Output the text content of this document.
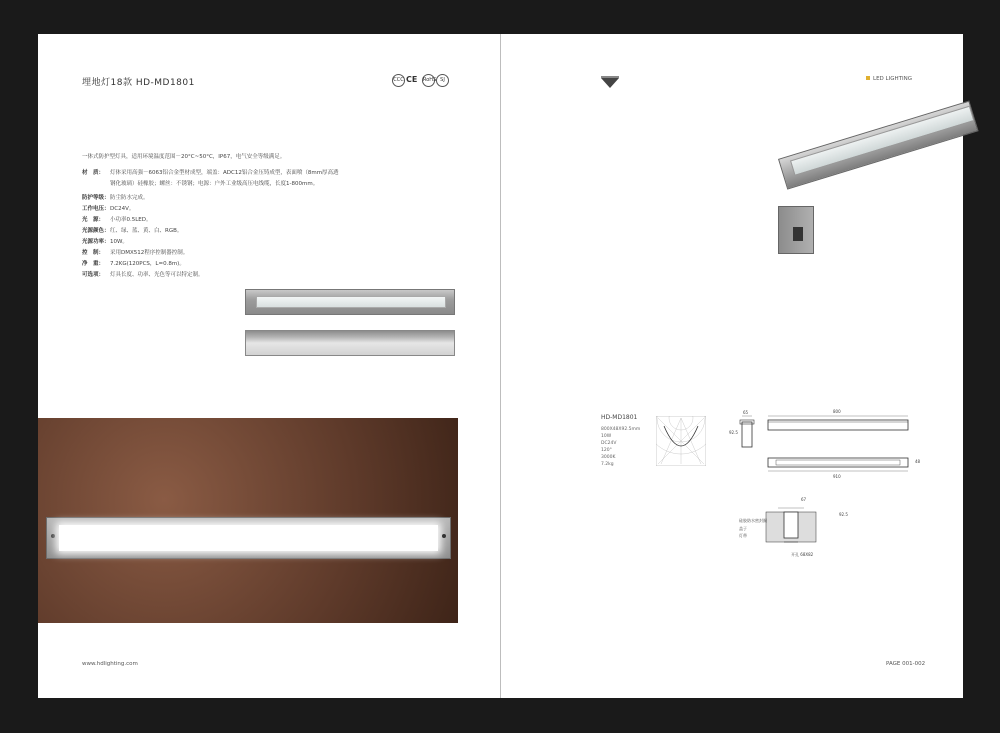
埋地灯18款 HD-MD1801	CCC CE RoHS SJ
一体式防护型灯具，适用环境温度范围－20°C~50°C，IP67，电气安全等级满足。
材　质：	灯体采用高强－6063铝合金型材成型，端盖：ADC12铝合金压铸成型，表面喷（8mm厚高透钢化玻璃）硅橡胶；螺丝：不锈钢；电源：户外工业级高压电线缆，长度1-800mm。
防护等级： 防尘防水完成。
工作电压： DC24V。
光　源：	小功率0.5LED。
光源颜色： 红、绿、蓝、黄、白、RGB。
光源功率： 10W。
控　制：	采用DMX512程序控制器控制。
净　重：	7.2KG(120PCS，L=0.8m)。
可选项：	灯具长度、功率、光色等可以特定制。
www.hdlighting.com
LED LIGHTING
HD-MD1801
800X48X92.5mm
10W
DC24V
120°
3000K
7.2kg
65	800
92.5
48
910
67
硅胶防水密封圈
盖子
灯带
92.5
开孔 68X82
PAGE 001-002
